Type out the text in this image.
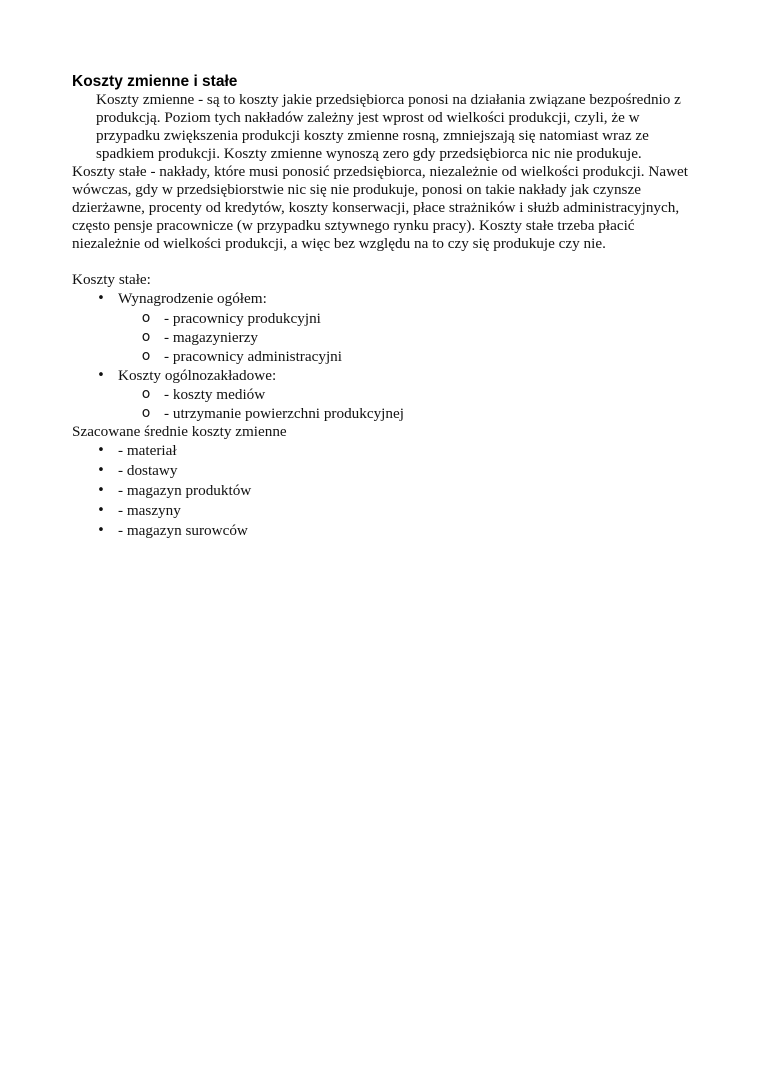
Koszty zmienne i stałe

Koszty zmienne - są to koszty jakie przedsiębiorca ponosi na działania związane bezpośrednio z produkcją. Poziom tych nakładów zależny jest wprost od wielkości produkcji, czyli, że w przypadku zwiększenia produkcji koszty zmienne rosną, zmniejszają się natomiast wraz ze spadkiem produkcji. Koszty zmienne wynoszą zero gdy przedsiębiorca nic nie produkuje.

Koszty stałe - nakłady, które musi ponosić przedsiębiorca, niezależnie od wielkości produkcji. Nawet wówczas, gdy w przedsiębiorstwie nic się nie produkuje, ponosi on takie nakłady jak czynsze dzierżawne, procenty od kredytów, koszty konserwacji, płace strażników i służb administracyjnych, często pensje pracownicze (w przypadku sztywnego rynku pracy). Koszty stałe trzeba płacić niezależnie od wielkości produkcji, a więc bez względu na to czy się produkuje czy nie.

Koszty stałe:

• Wynagrodzenie ogółem:
o - pracownicy produkcyjni
o - magazynierzy
o - pracownicy administracyjni
• Koszty ogólnozakładowe:
o - koszty mediów
o - utrzymanie powierzchni produkcyjnej

Szacowane średnie koszty zmienne

• - materiał
• - dostawy
• - magazyn produktów
• - maszyny
• - magazyn surowców
